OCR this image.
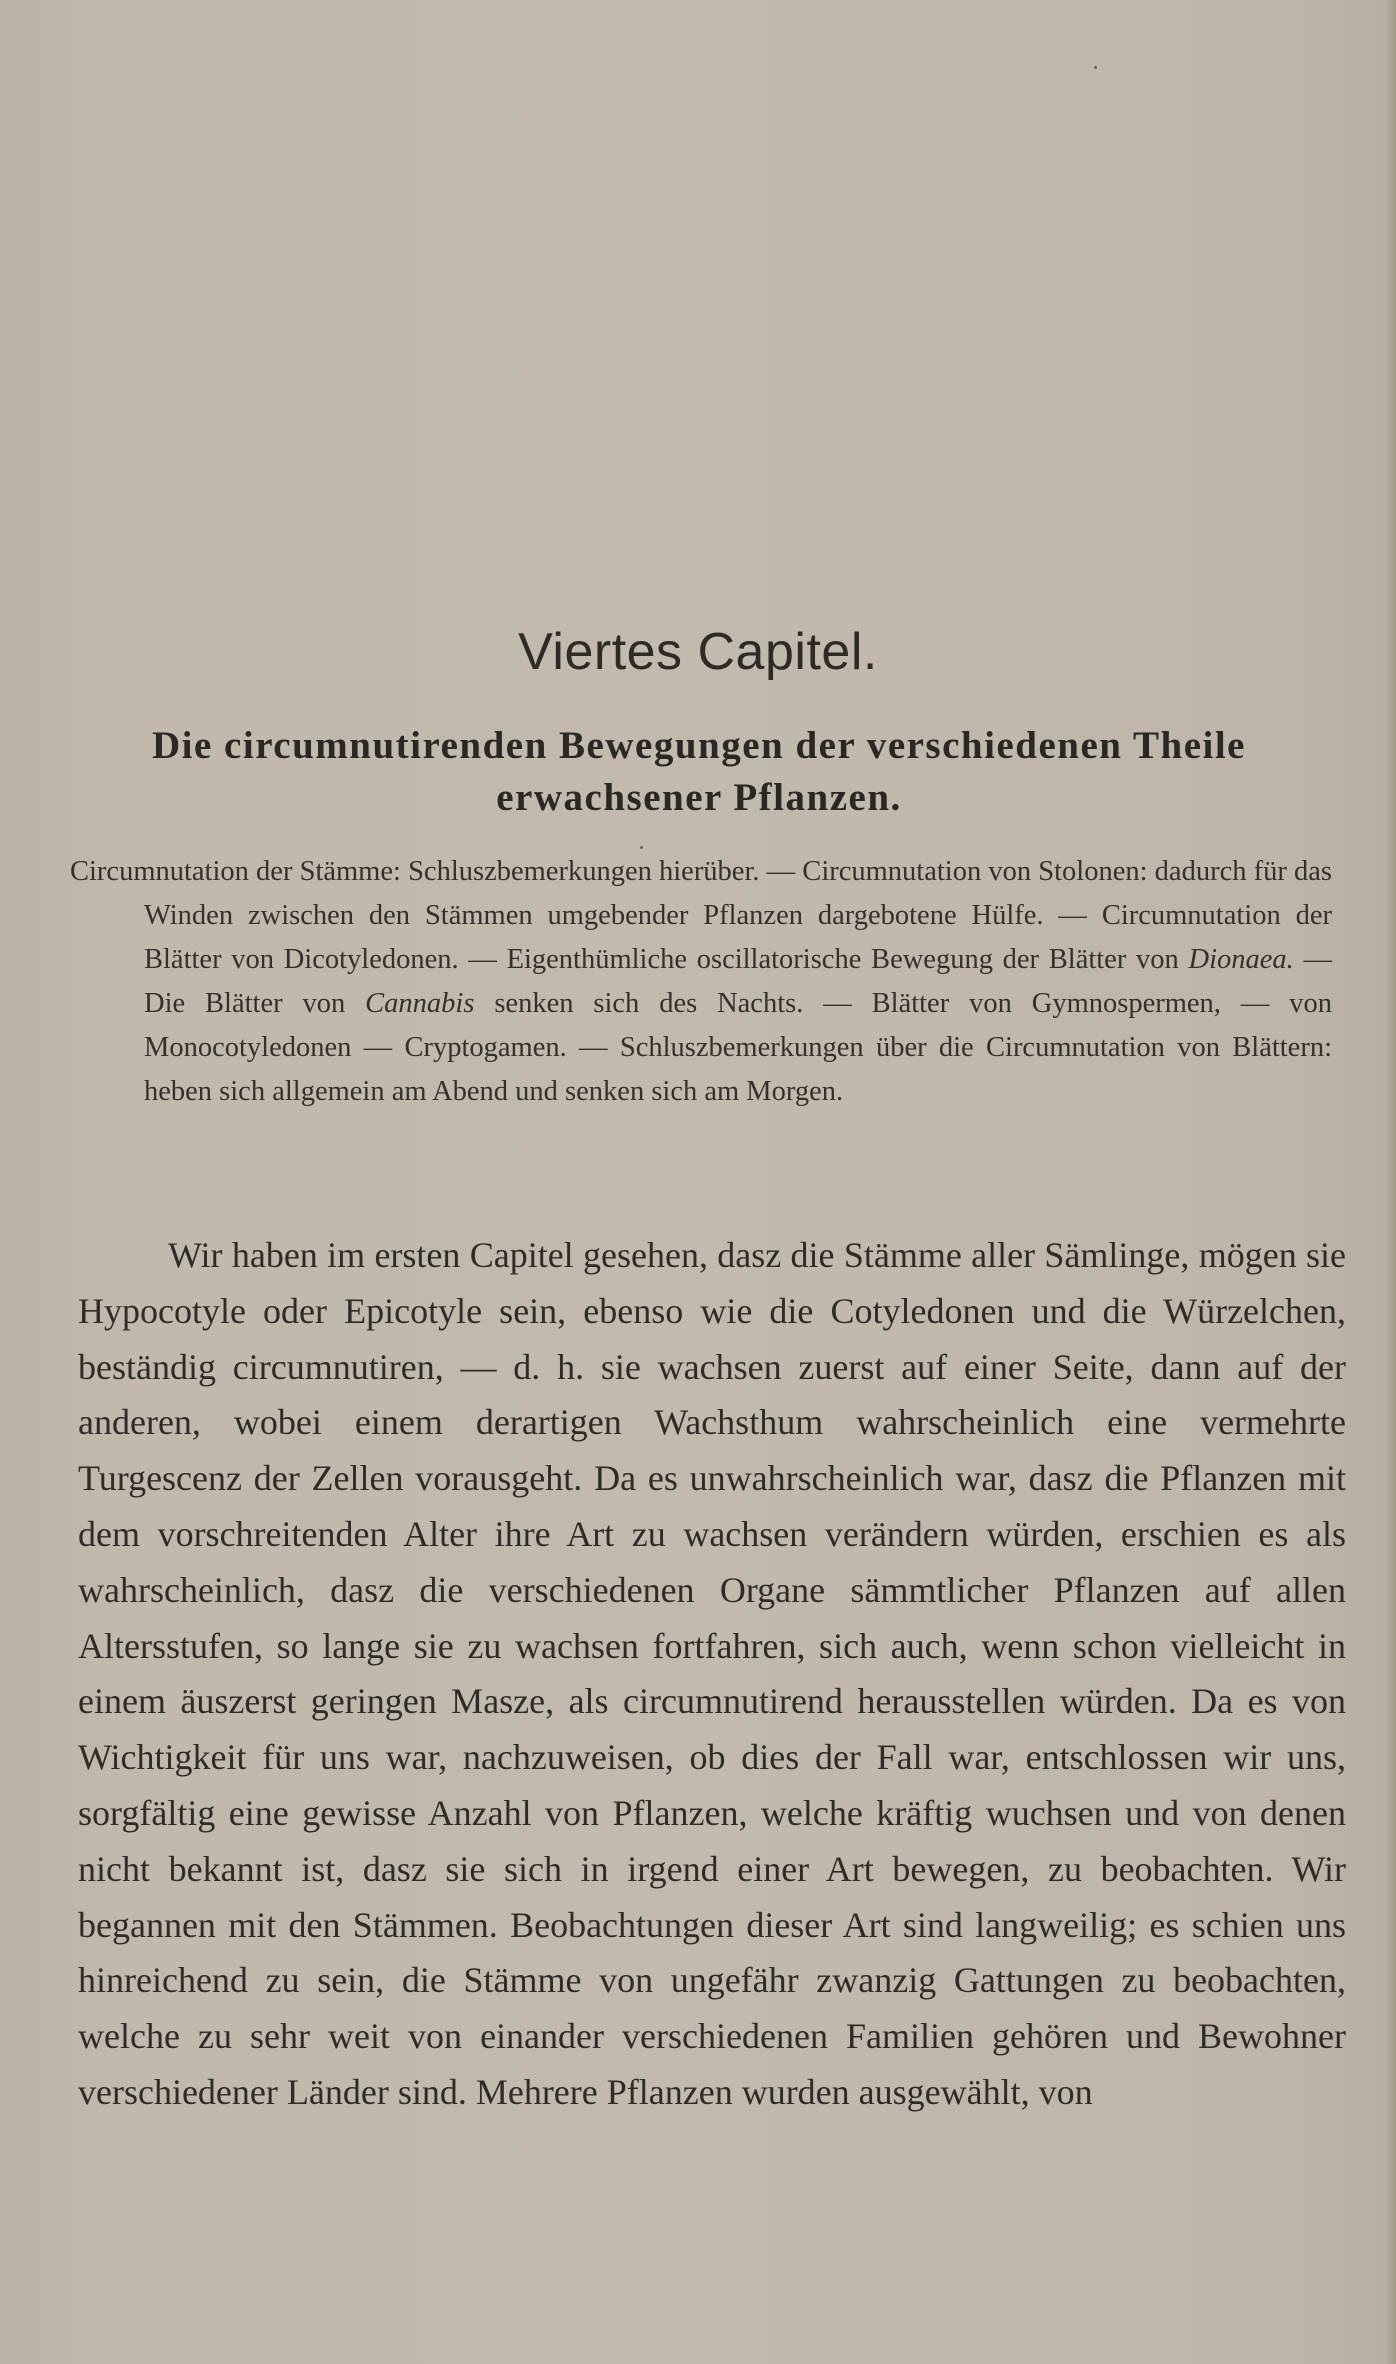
Viertes Capitel.
Die circumnutirenden Bewegungen der verschiedenen Theile erwachsener Pflanzen.

Circumnutation der Stämme: Schluszbemerkungen hierüber. — Circumnutation von Stolonen: dadurch für das Winden zwischen den Stämmen umgebender Pflanzen dargebotene Hülfe. — Circumnutation der Blätter von Dicotyledonen. — Eigenthümliche oscillatorische Bewegung der Blätter von Dionaea. — Die Blätter von Cannabis senken sich des Nachts. — Blätter von Gymnospermen, — von Monocotyledonen — Cryptogamen. — Schluszbemerkungen über die Circumnutation von Blättern: heben sich allgemein am Abend und senken sich am Morgen.

Wir haben im ersten Capitel gesehen, dasz die Stämme aller Sämlinge, mögen sie Hypocotyle oder Epicotyle sein, ebenso wie die Cotyledonen und die Würzelchen, beständig circumnutiren, — d. h. sie wachsen zuerst auf einer Seite, dann auf der anderen, wobei einem derartigen Wachsthum wahrscheinlich eine vermehrte Turgescenz der Zellen vorausgeht. Da es unwahrscheinlich war, dasz die Pflanzen mit dem vorschreitenden Alter ihre Art zu wachsen verändern würden, erschien es als wahrscheinlich, dasz die verschiedenen Organe sämmtlicher Pflanzen auf allen Altersstufen, so lange sie zu wachsen fortfahren, sich auch, wenn schon vielleicht in einem äuszerst geringen Masze, als circumnutirend herausstellen würden. Da es von Wichtigkeit für uns war, nachzuweisen, ob dies der Fall war, entschlossen wir uns, sorgfältig eine gewisse Anzahl von Pflanzen, welche kräftig wuchsen und von denen nicht bekannt ist, dasz sie sich in irgend einer Art bewegen, zu beobachten. Wir begannen mit den Stämmen. Beobachtungen dieser Art sind langweilig; es schien uns hinreichend zu sein, die Stämme von ungefähr zwanzig Gattungen zu beobachten, welche zu sehr weit von einander verschiedenen Familien gehören und Bewohner verschiedener Länder sind. Mehrere Pflanzen wurden ausgewählt, von
